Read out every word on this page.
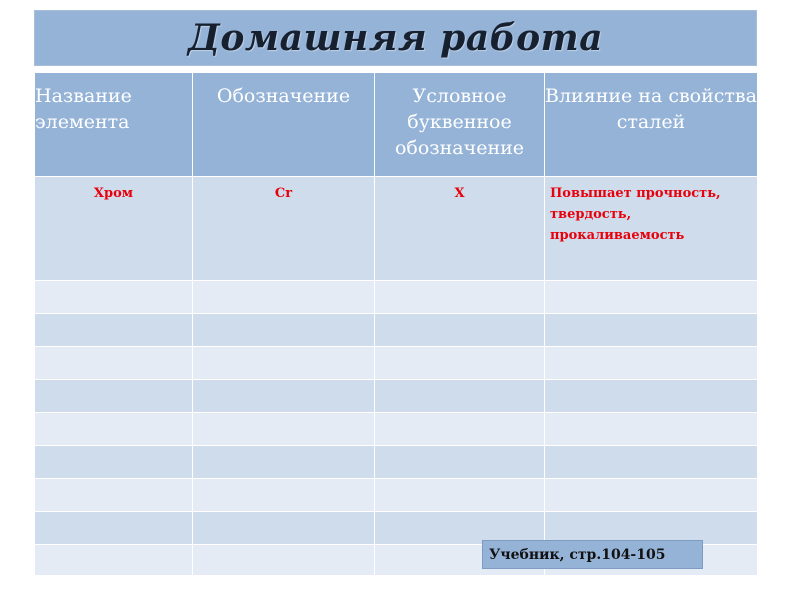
Домашняя работа
Название элемента	Обозначение	Условное буквенное обозначение	Влияние на свойства сталей
Хром	Cr	Х	Повышает прочность, твердость, прокаливаемость

Учебник, стр.104-105
